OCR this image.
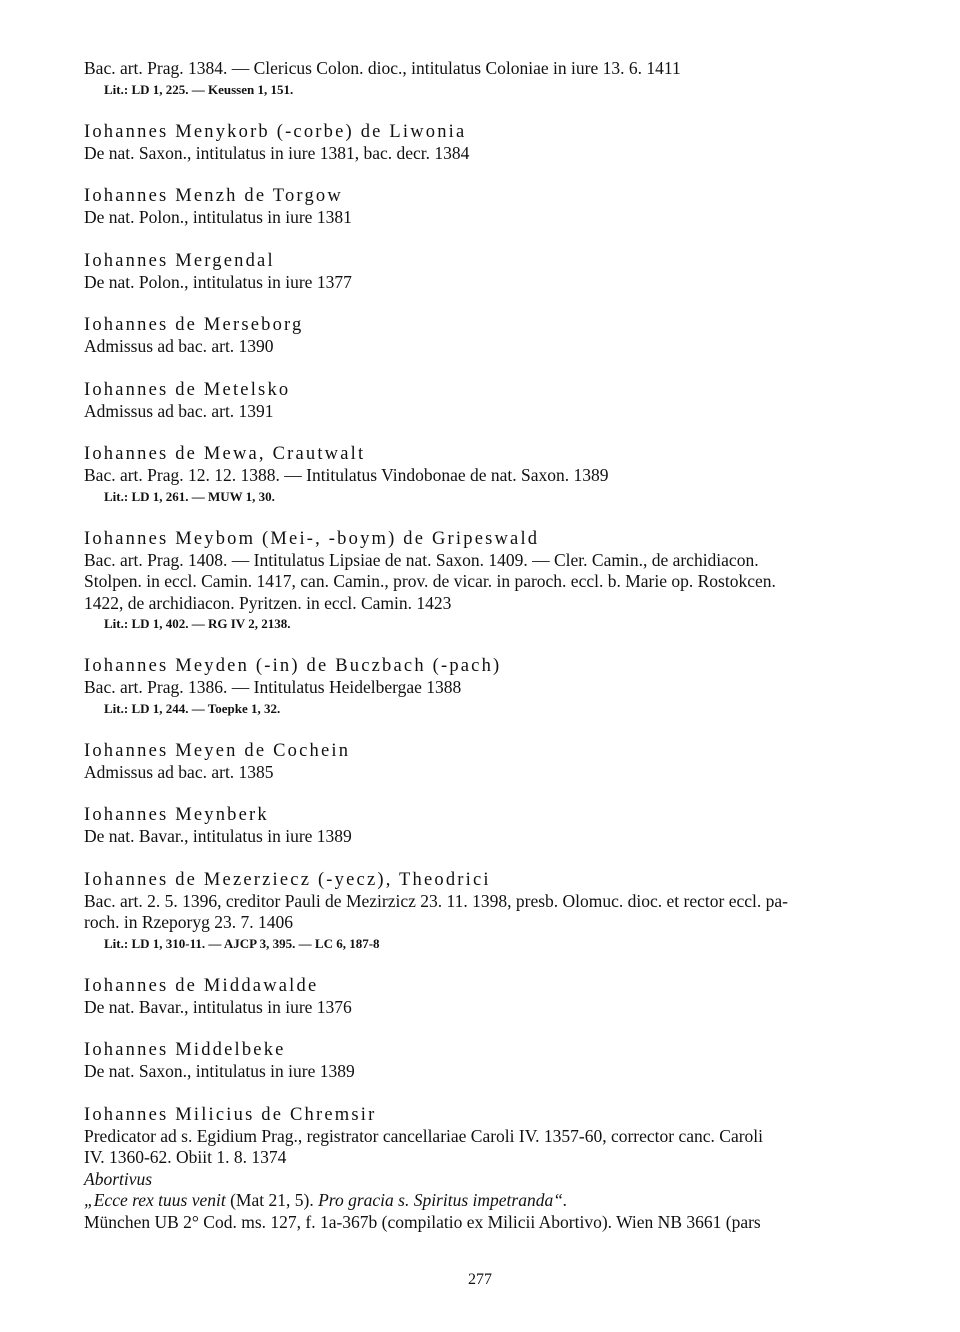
Bac. art. Prag. 1384. — Clericus Colon. dioc., intitulatus Coloniae in iure 13. 6. 1411
Lit.: LD 1, 225. — Keussen 1, 151.
Iohannes Menykorb (-corbe) de Liwonia
De nat. Saxon., intitulatus in iure 1381, bac. decr. 1384
Iohannes Menzh de Torgow
De nat. Polon., intitulatus in iure 1381
Iohannes Mergendal
De nat. Polon., intitulatus in iure 1377
Iohannes de Merseborg
Admissus ad bac. art. 1390
Iohannes de Metelsko
Admissus ad bac. art. 1391
Iohannes de Mewa, Crautwalt
Bac. art. Prag. 12. 12. 1388. — Intitulatus Vindobonae de nat. Saxon. 1389
Lit.: LD 1, 261. — MUW 1, 30.
Iohannes Meybom (Mei-, -boym) de Gripeswald
Bac. art. Prag. 1408. — Intitulatus Lipsiae de nat. Saxon. 1409. — Cler. Camin., de archidiacon.
Stolpen. in eccl. Camin. 1417, can. Camin., prov. de vicar. in paroch. eccl. b. Marie op. Rostokcen.
1422, de archidiacon. Pyritzen. in eccl. Camin. 1423
Lit.: LD 1, 402. — RG IV 2, 2138.
Iohannes Meyden (-in) de Buczbach (-pach)
Bac. art. Prag. 1386. — Intitulatus Heidelbergae 1388
Lit.: LD 1, 244. — Toepke 1, 32.
Iohannes Meyen de Cochein
Admissus ad bac. art. 1385
Iohannes Meynberk
De nat. Bavar., intitulatus in iure 1389
Iohannes de Mezerziecz (-yecz), Theodrici
Bac. art. 2. 5. 1396, creditor Pauli de Mezirzicz 23. 11. 1398, presb. Olomuc. dioc. et rector eccl. pa-
roch. in Rzeporyg 23. 7. 1406
Lit.: LD 1, 310-11. — AJCP 3, 395. — LC 6, 187-8
Iohannes de Middawalde
De nat. Bavar., intitulatus in iure 1376
Iohannes Middelbeke
De nat. Saxon., intitulatus in iure 1389
Iohannes Milicius de Chremsir
Predicator ad s. Egidium Prag., registrator cancellariae Caroli IV. 1357-60, corrector canc. Caroli
IV. 1360-62. Obiit 1. 8. 1374
Abortivus
„Ecce rex tuus venit (Mat 21, 5). Pro gracia s. Spiritus impetranda“.
München UB 2° Cod. ms. 127, f. 1a-367b (compilatio ex Milicii Abortivo). Wien NB 3661 (pars
277
